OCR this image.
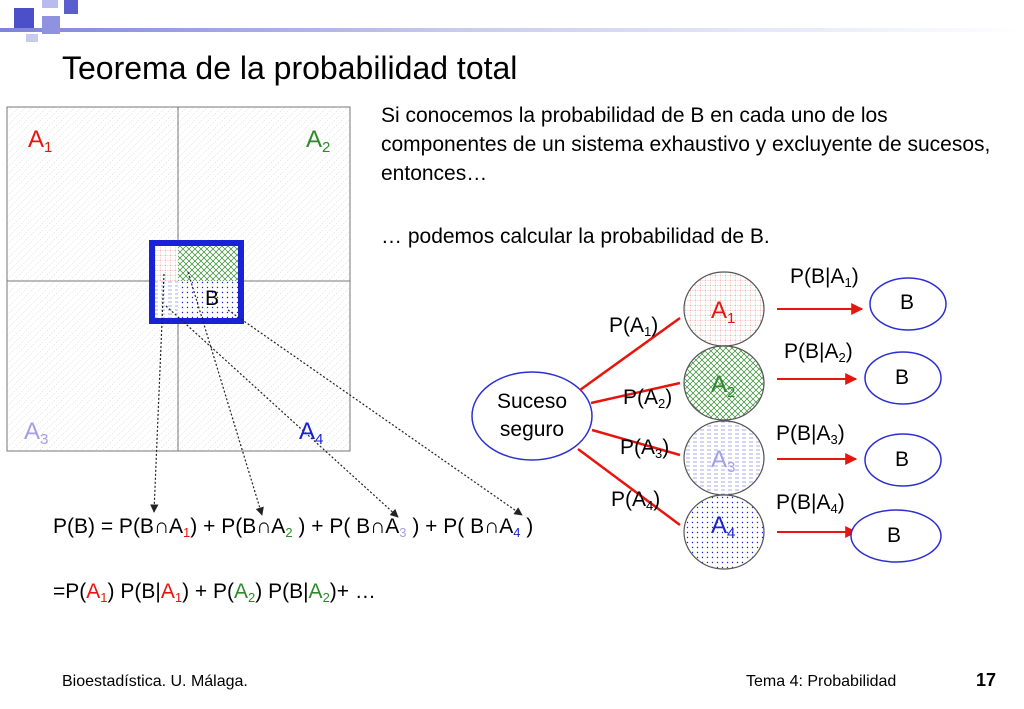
Teorema de la probabilidad total
Si conocemos la probabilidad de B en cada uno de los componentes de un sistema exhaustivo y excluyente de sucesos, entonces…
… podemos calcular la probabilidad de B.
$A_1$	$A_2$
$A_3$	$A_4$
B
Suceso
seguro
$A_1$
$A_2$
$A_3$
$A_4$
B
B
B
B
$P(A_1)$
$P(A_2)$
$P(A_3)$
$P(A_4)$
$P(B|A_1)$
$P(B|A_2)$
$P(B|A_3)$
$P(B|A_4)$
$P(B) = P(B\cap A_1)$ + $P(B\cap A_2$ ) + P( $B\cap A_3$ ) + P( $B\cap A_4$ )
$=P(A_1) P(B|A_1) + P(A_2)$ $P(B|A_2)+$ …
Bioestadística. U. Málaga.	Tema 4: Probabilidad	17
